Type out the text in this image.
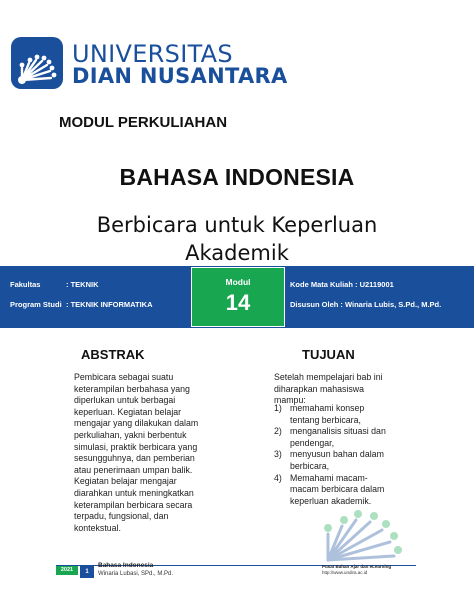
UNIVERSITAS
DIAN NUSANTARA
MODUL PERKULIAHAN
BAHASA INDONESIA
Berbicara untuk Keperluan
Akademik
Fakultas	: TEKNIK
Program Studi : TEKNIK INFORMATIKA
Modul
14
Kode Mata Kuliah : U2119001
Disusun Oleh : Winaria Lubis, S.Pd., M.Pd.
ABSTRAK	TUJUAN
Pembicara sebagai suatu
keterampilan berbahasa yang
diperlukan untuk berbagai
keperluan. Kegiatan belajar
mengajar yang dilakukan dalam
perkuliahan, yakni berbentuk
simulasi, praktik berbicara yang
sesungguhnya, dan pemberian
atau penerimaan umpan balik.
Kegiatan belajar mengajar
diarahkan untuk meningkatkan
keterampilan berbicara secara
terpadu, fungsional, dan
kontekstual.
Setelah mempelajari bab ini
diharapkan mahasiswa
mampu:
1) memahami konsep
tentang berbicara,
2) menganalisis situasi dan
pendengar,
3) menyusun bahan dalam
berbicara,
4) Memahami macam-
macam berbicara dalam
keperluan akademik.
2021	1
Bahasa Indonesia
Winaria Lubasi, SPd., M.Pd.
Pusat Bahan Ajar dan eLearning
http://www.undira.ac.id
